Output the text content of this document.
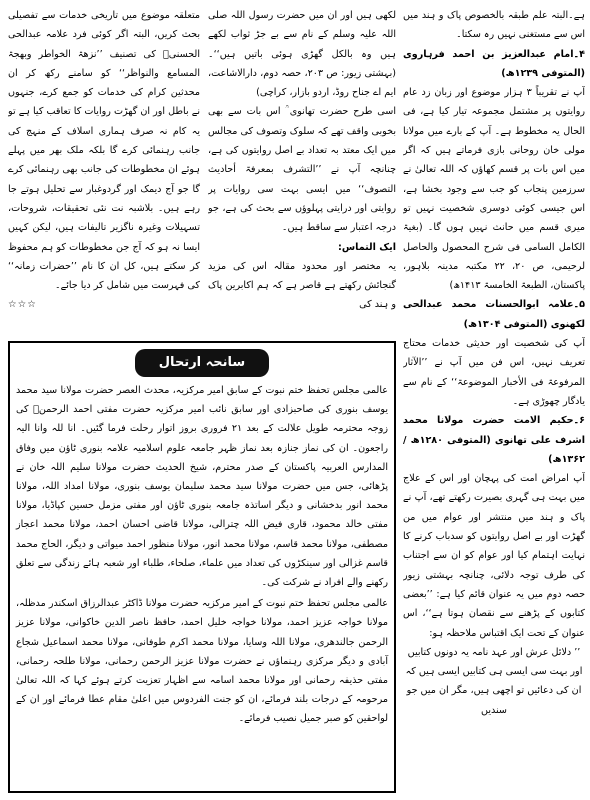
ہے۔البتہ علم طبقہ بالخصوص پاک و ہند میں اس سے مستغنی نہیں رہ سکتا۔

۴۔امام عبدالعزیز بن احمد فرہاروی (المتوفی ۱۲۳۹ھ)

آپ نے تقریباً ۳ ہزار موضوع اور زبان زد عام روایتوں پر مشتمل مجموعہ تیار کیا ہے، فی الحال یہ مخطوط ہے۔ آپ کے بارے میں مولانا مولی خان روحانی بازی فرماتے ہیں کہ اگر میں اس بات پر قسم کھاؤں کہ اللہ تعالیٰ نے سرزمین پنجاب کو جب سے وجود بخشا ہے، اس جیسی کوئی دوسری شخصیت نہیں تو میری قسم میں حانث نہیں ہوں گا۔ (بغیۃ الکامل السامی فی شرح المحصول والحاصل لرحیمی، ص ۲۰، ۲۲ مکتبہ مدینہ بلاہور، پاکستان، الطبعۃ الخامسۃ ۱۴۱۳ھ)

۵۔علامہ ابوالحسنات محمد عبدالحی لکھنوی (المتوفی ۱۳۰۴ھ)

آپ کی شخصیت اور حدیثی خدمات محتاج تعریف نہیں، اس فن میں آپ نے ’’الآثار المرفوعۃ فی الأخبار الموضوعۃ‘‘ کے نام سے یادگار چھوڑی ہے۔

۶۔حکیم الامت حضرت مولانا محمد اشرف علی تھانوی (المتوفی ۱۲۸۰ھ / ۱۳۶۲ھ)

آپ امراض امت کی پہچان اور اس کے علاج میں بہت ہی گہری بصیرت رکھتے تھے، آپ نے پاک و ہند میں منتشر اور عوام میں من گھڑت اور بے اصل روایتوں کو سدباب کرنے کا نہایت اہتمام کیا اور عوام کو ان سے اجتناب کی طرف توجہ دلائی، چنانچہ بہشتی زیور حصہ دوم میں یہ عنوان قائم کیا ہے: ’’بعضی کتابوں کے پڑھنے سے نقصان ہوتا ہے‘‘، اس عنوان کے تحت ایک اقتباس ملاحظہ ہو:

’’ دلائل عرش اور عہد نامہ یہ دونوں کتابیں اور بہت سی ایسی ہی کتابیں ایسی ہیں کہ ان کی دعائیں تو اچھی ہیں، مگر ان میں جو سندیں

لکھی ہیں اور ان میں حضرت رسول اللہ صلی اللہ علیہ وسلم کے نام سے بے جڑ ثواب لکھے ہیں وہ بالکل گھڑی ہوئی باتیں ہیں‘‘۔ (بہشتی زیور: ص ۲۰۳، حصہ دوم، دارالاشاعت، ایم اے جناح روڈ، اردو بازار، کراچی)

اسی طرح حضرت تھانوی ؒ اس بات سے بھی بخوبی واقف تھے کہ سلوک وتصوف کی مجالس میں ایک معتد بہ تعداد بے اصل روایتوں کی ہے، چنانچہ آپ نے ’’التشرف بمعرفۃ أحادیث التصوف‘‘ میں ایسی بہت سی روایات پر روایتی اور درایتی پہلوؤں سے بحث کی ہے، جو درجہ اعتبار سے ساقط ہیں۔

ایک التماس:

یہ مختصر اور محدود مقالہ اس کی مزید گنجائش رکھتے ہے قاصر ہے کہ ہم اکابرین پاک و ہند کی

متعلقہ موضوع میں تاریخی خدمات سے تفصیلی بحث کریں، البتہ اگر کوئی فرد علامہ عبدالحی الحسنیؒ کی تصنیف ’’نزھۃ الخواطر وبھجۃ المسامع والنواظر‘‘ کو سامنے رکھ کر ان محدثین کرام کی خدمات کو جمع کرے، جنہوں نے باطل اور ان گھڑت روایات کا تعاقب کیا ہے تو یہ کام نہ صرف ہماری اسلاف کے منہج کی جانب رہنمائی کرے گا بلکہ ملک بھر میں پہلے ہوئے ان مخطوطات کی جانب بھی رہنمائی کرے گا جو آج دیمک اور گردوغبار سے تحلیل ہوتے جا رہے ہیں۔ بلاشبہ نت نئی تحقیقات، شروحات، تسہیلات وغیرہ ناگزیر تالیفات ہیں، لیکن کہیں ایسا نہ ہو کہ آج جن مخطوطات کو ہم محفوظ کر سکتے ہیں، کل ان کا نام ’’حضرات زمانہ‘‘ کی فہرست میں شامل کر دیا جائے۔

☆☆☆

سانحہ ارتحال

عالمی مجلس تحفظ ختم نبوت کے سابق امیر مرکزیہ، محدث العصر حضرت مولانا سید محمد یوسف بنوری کی صاحبزادی اور سابق نائب امیر مرکزیہ حضرت مفتی احمد الرحمنؒ کی زوجہ محترمہ طویل علالت کے بعد ۲۱ فروری بروز اتوار رحلت فرما گئیں۔ انا للہ وانا الیہ راجعون۔ ان کی نماز جنازہ بعد نماز ظہر جامعہ علوم اسلامیہ علامہ بنوری ٹاؤن میں وفاق المدارس العربیہ پاکستان کے صدر محترم، شیخ الحدیث حضرت مولانا سلیم اللہ خان نے پڑھائی، جس میں حضرت مولانا سید محمد سلیمان یوسف بنوری، مولانا امداد اللہ، مولانا محمد انور بدخشانی و دیگر اساتذہ جامعہ بنوری ٹاؤن اور مفتی مزمل حسین کپاڈیا، مولانا مفتی خالد محمود، قاری فیض اللہ چترالی، مولانا قاضی احسان احمد، مولانا محمد اعجاز مصطفی، مولانا محمد قاسم، مولانا محمد انور، مولانا منظور احمد میواتی و دیگر، الحاج محمد قاسم غزالی اور سینکڑوں کی تعداد میں علماء، صلحاء، طلباء اور شعبہ ہائے زندگی سے تعلق رکھنے والے افراد نے شرکت کی۔

عالمی مجلس تحفظ ختم نبوت کے امیر مرکزیہ حضرت مولانا ڈاکٹر عبدالرزاق اسکندر مدظلہ، مولانا خواجہ عزیز احمد، مولانا خواجہ خلیل احمد، حافظ ناصر الدین خاکوانی، مولانا عزیز الرحمن جالندھری، مولانا اللہ وسایا، مولانا محمد اکرم طوفانی، مولانا محمد اسماعیل شجاع آبادی و دیگر مرکزی رہنماؤں نے حضرت مولانا عزیز الرحمن رحمانی، مولانا طلحہ رحمانی، مفتی حذیفہ رحمانی اور مولانا محمد اسامہ سے اظہار تعزیت کرتے ہوئے کہا کہ اللہ تعالیٰ مرحومہ کے درجات بلند فرمائے، ان کو جنت الفردوس میں اعلیٰ مقام عطا فرمائے اور ان کے لواحقین کو صبر جمیل نصیب فرمائے۔
